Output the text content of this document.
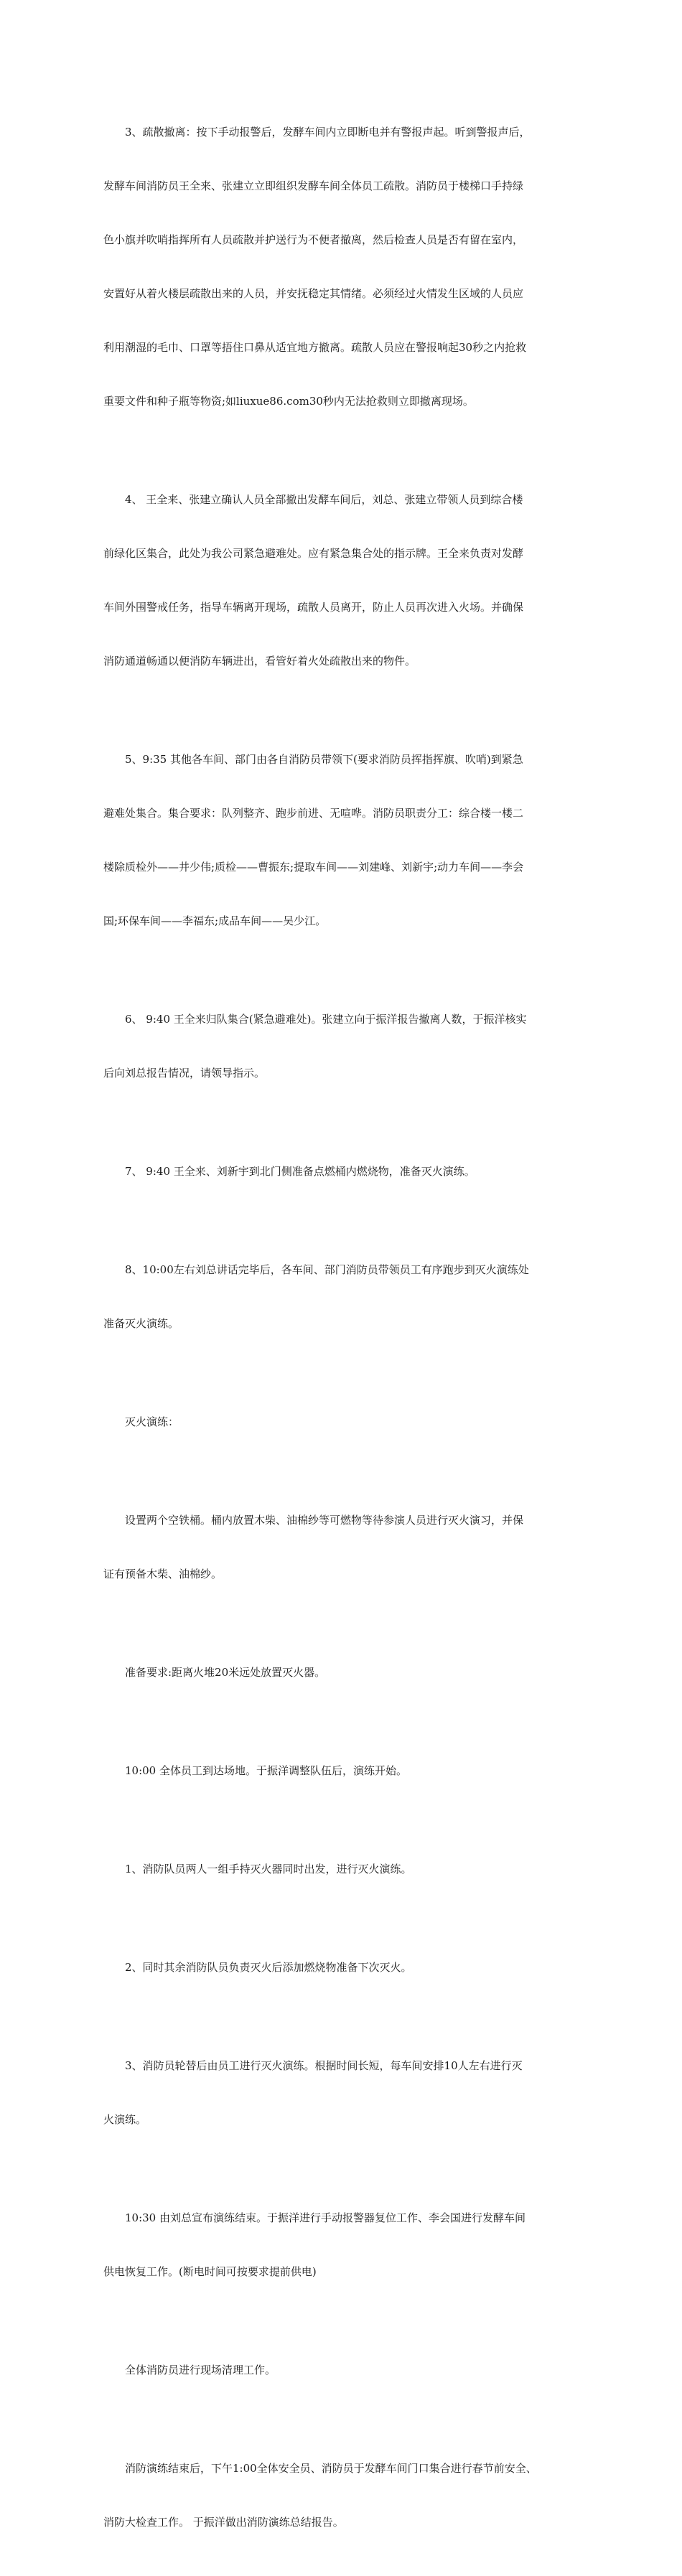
3、疏散撤离：按下手动报警后，发酵车间内立即断电并有警报声起。听到警报声后，

发酵车间消防员王全来、张建立立即组织发酵车间全体员工疏散。消防员于楼梯口手持绿

色小旗并吹哨指挥所有人员疏散并护送行为不便者撤离，然后检查人员是否有留在室内，

安置好从着火楼层疏散出来的人员，并安抚稳定其情绪。必须经过火情发生区域的人员应

利用潮湿的毛巾、口罩等捂住口鼻从适宜地方撤离。疏散人员应在警报响起30秒之内抢救

重要文件和种子瓶等物资;如liuxue86.com30秒内无法抢救则立即撤离现场。

4、 王全来、张建立确认人员全部撤出发酵车间后，刘总、张建立带领人员到综合楼

前绿化区集合，此处为我公司紧急避难处。应有紧急集合处的指示牌。王全来负责对发酵

车间外围警戒任务，指导车辆离开现场，疏散人员离开，防止人员再次进入火场。并确保

消防通道畅通以便消防车辆进出，看管好着火处疏散出来的物件。

5、9:35 其他各车间、部门由各自消防员带领下(要求消防员挥指挥旗、吹哨)到紧急

避难处集合。集合要求：队列整齐、跑步前进、无喧哗。消防员职责分工：综合楼一楼二

楼除质检外——井少伟;质检——曹振东;提取车间——刘建峰、刘新宇;动力车间——李会

国;环保车间——李福东;成品车间——吴少江。

6、 9:40 王全来归队集合(紧急避难处)。张建立向于振洋报告撤离人数，于振洋核实

后向刘总报告情况，请领导指示。

7、 9:40 王全来、刘新宇到北门侧准备点燃桶内燃烧物，准备灭火演练。

8、10:00左右刘总讲话完毕后，各车间、部门消防员带领员工有序跑步到灭火演练处

准备灭火演练。

灭火演练：

设置两个空铁桶。桶内放置木柴、油棉纱等可燃物等待参演人员进行灭火演习，并保

证有预备木柴、油棉纱。

准备要求:距离火堆20米远处放置灭火器。

10:00 全体员工到达场地。于振洋调整队伍后，演练开始。

1、消防队员两人一组手持灭火器同时出发，进行灭火演练。

2、同时其余消防队员负责灭火后添加燃烧物准备下次灭火。

3、消防员轮替后由员工进行灭火演练。根据时间长短，每车间安排10人左右进行灭

火演练。

10:30 由刘总宣布演练结束。于振洋进行手动报警器复位工作、李会国进行发酵车间

供电恢复工作。(断电时间可按要求提前供电)

全体消防员进行现场清理工作。

消防演练结束后，下午1:00全体安全员、消防员于发酵车间门口集合进行春节前安全、

消防大检查工作。 于振洋做出消防演练总结报告。
